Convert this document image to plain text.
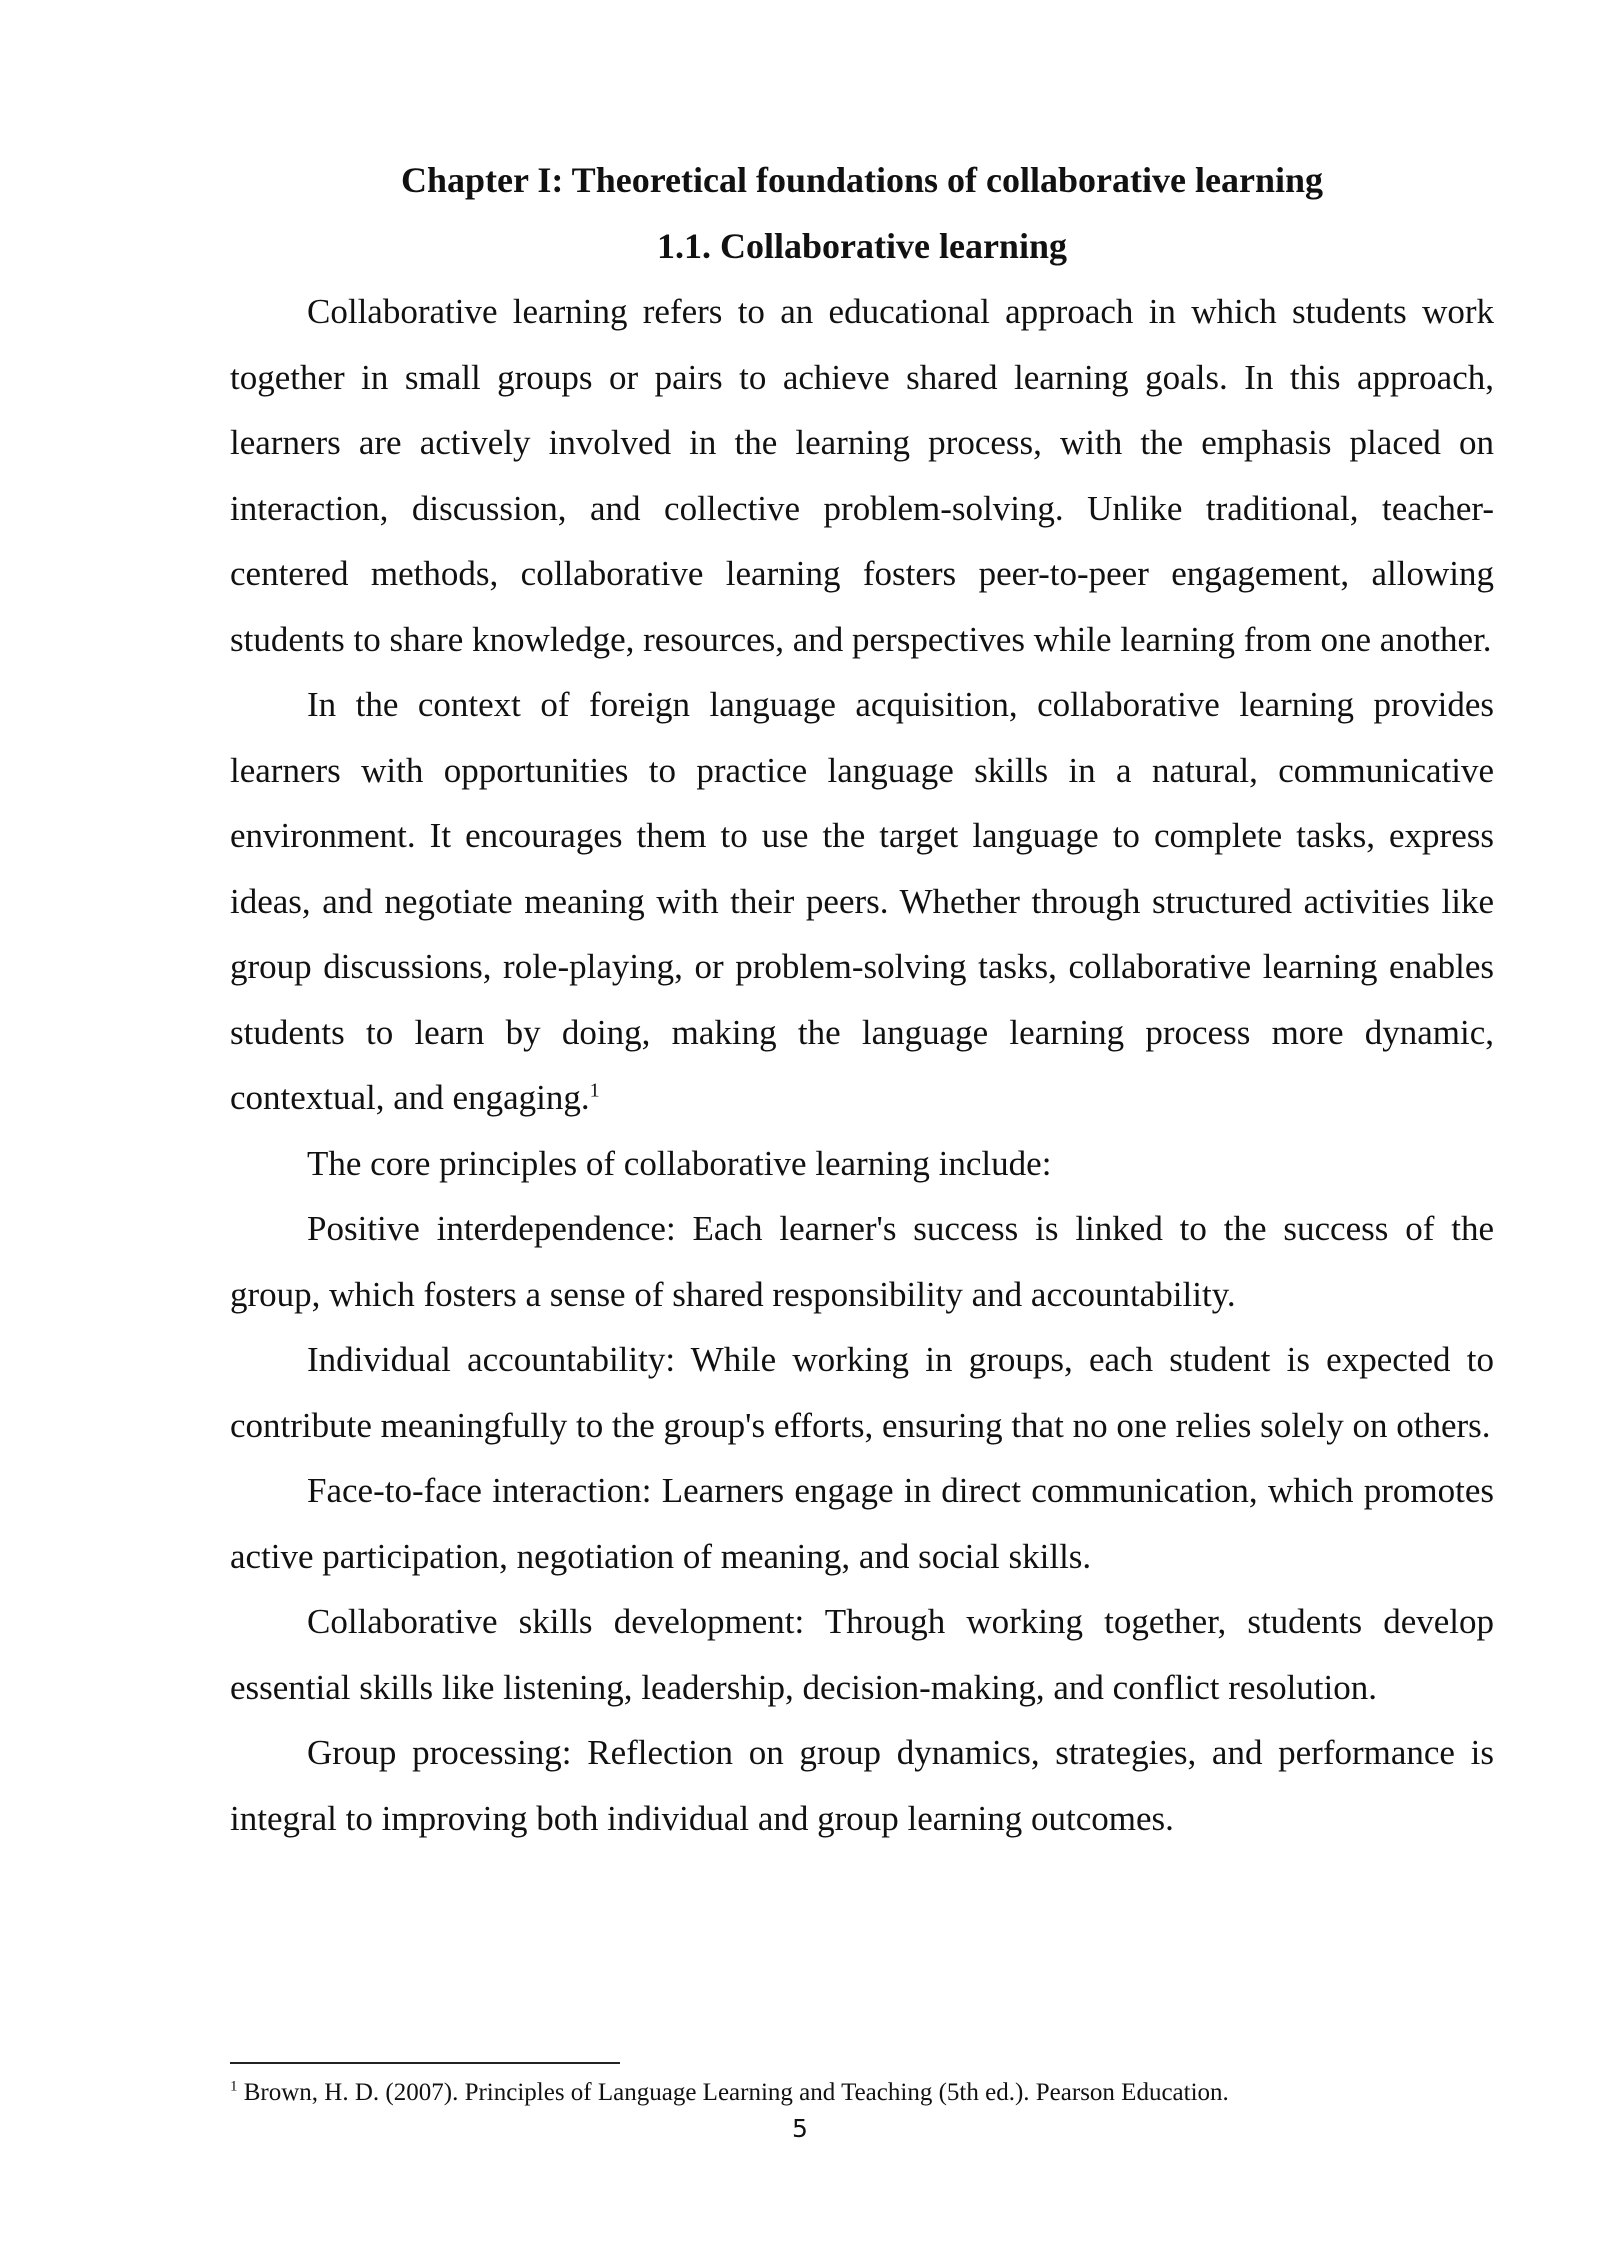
Chapter I: Theoretical foundations of collaborative learning
1.1. Collaborative learning

Collaborative learning refers to an educational approach in which students work together in small groups or pairs to achieve shared learning goals. In this approach, learners are actively involved in the learning process, with the emphasis placed on interaction, discussion, and collective problem-solving. Unlike traditional, teacher-centered methods, collaborative learning fosters peer-to-peer engagement, allowing students to share knowledge, resources, and perspectives while learning from one another.

In the context of foreign language acquisition, collaborative learning provides learners with opportunities to practice language skills in a natural, communicative environment. It encourages them to use the target language to complete tasks, express ideas, and negotiate meaning with their peers. Whether through structured activities like group discussions, role-playing, or problem-solving tasks, collaborative learning enables students to learn by doing, making the language learning process more dynamic, contextual, and engaging.$^1$

The core principles of collaborative learning include:

Positive interdependence: Each learner's success is linked to the success of the group, which fosters a sense of shared responsibility and accountability.

Individual accountability: While working in groups, each student is expected to contribute meaningfully to the group's efforts, ensuring that no one relies solely on others.

Face-to-face interaction: Learners engage in direct communication, which promotes active participation, negotiation of meaning, and social skills.

Collaborative skills development: Through working together, students develop essential skills like listening, leadership, decision-making, and conflict resolution.

Group processing: Reflection on group dynamics, strategies, and performance is integral to improving both individual and group learning outcomes.

$^1$ Brown, H. D. (2007). Principles of Language Learning and Teaching (5th ed.). Pearson Education.

5
